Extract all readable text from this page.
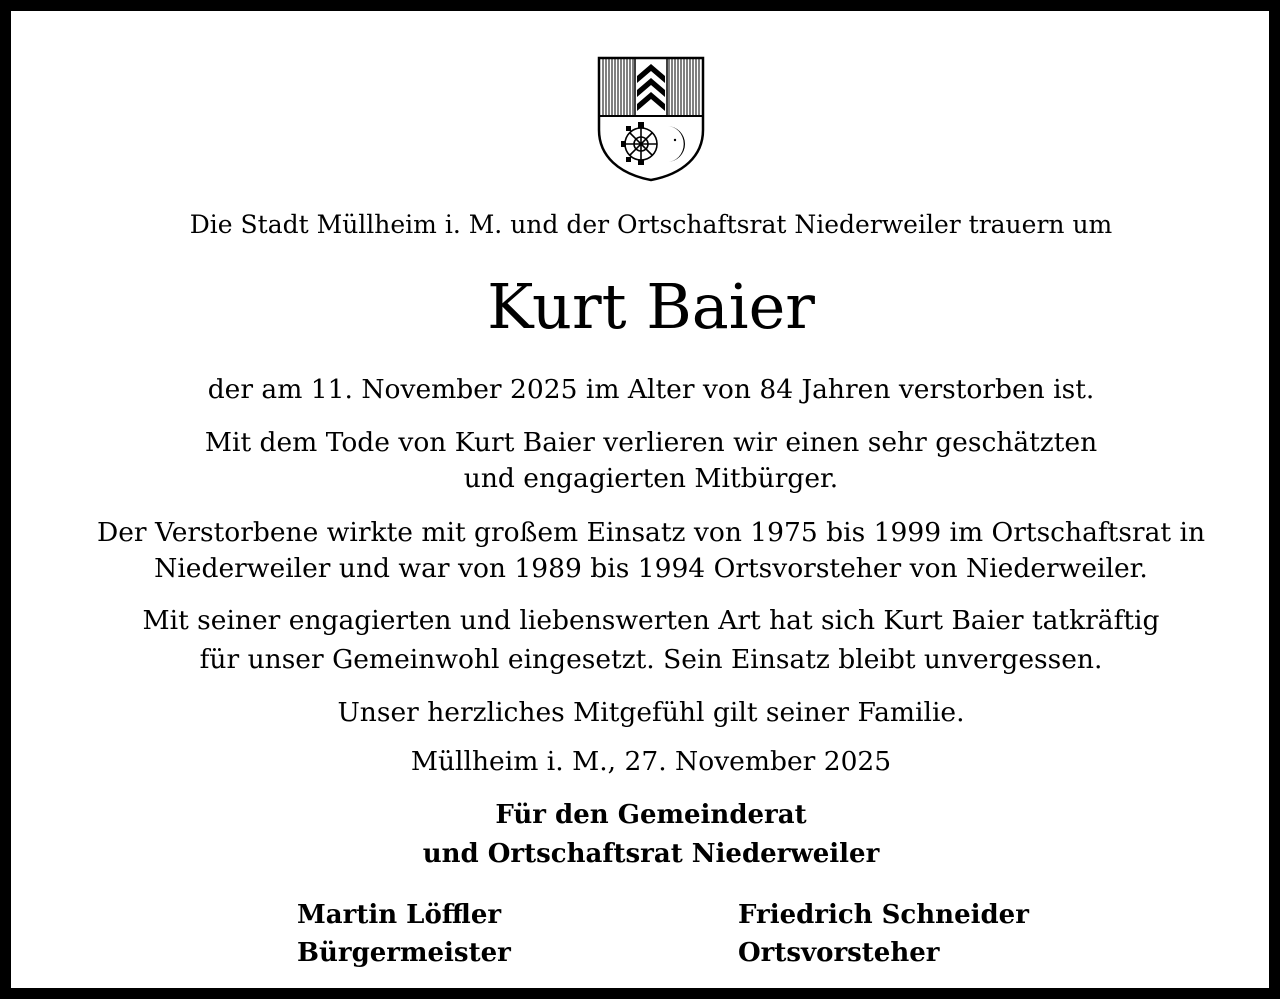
Die Stadt Müllheim i. M. und der Ortschaftsrat Niederweiler trauern um
Kurt Baier
der am 11. November 2025 im Alter von 84 Jahren verstorben ist.
Mit dem Tode von Kurt Baier verlieren wir einen sehr geschätzten
und engagierten Mitbürger.
Der Verstorbene wirkte mit großem Einsatz von 1975 bis 1999 im Ortschaftsrat in
Niederweiler und war von 1989 bis 1994 Ortsvorsteher von Niederweiler.
Mit seiner engagierten und liebenswerten Art hat sich Kurt Baier tatkräftig
für unser Gemeinwohl eingesetzt. Sein Einsatz bleibt unvergessen.
Unser herzliches Mitgefühl gilt seiner Familie.
Müllheim i. M., 27. November 2025
Für den Gemeinderat
und Ortschaftsrat Niederweiler
Martin Löffler
Bürgermeister
Friedrich Schneider
Ortsvorsteher
